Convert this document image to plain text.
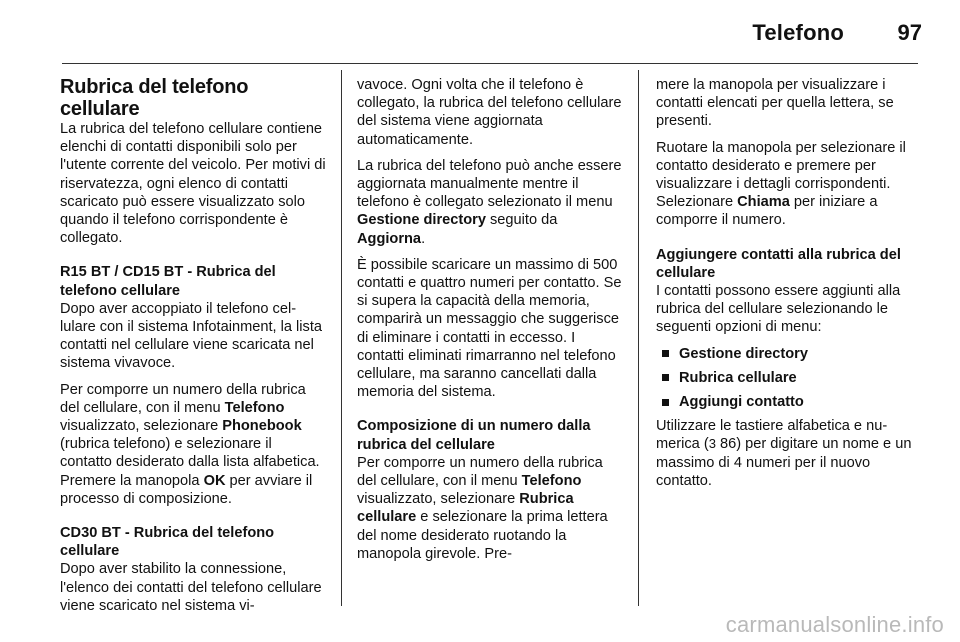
Telefono	97
Rubrica del telefono cellulare

La rubrica del telefono cellulare contiene elenchi di contatti disponibili solo per l'utente corrente del veicolo. Per motivi di riservatezza, ogni elenco di contatti scaricato può essere visualizzato solo quando il telefono corrispondente è collegato.

R15 BT / CD15 BT - Rubrica del telefono cellulare

Dopo aver accoppiato il telefono cellulare con il sistema Infotainment, la lista contatti nel cellulare viene scaricata nel sistema vivavoce.

Per comporre un numero della rubrica del cellulare, con il menu Telefono visualizzato, selezionare Phonebook (rubrica telefono) e selezionare il contatto desiderato dalla lista alfabetica. Premere la manopola OK per avviare il processo di composizione.

CD30 BT - Rubrica del telefono cellulare

Dopo aver stabilito la connessione, l'elenco dei contatti del telefono cellulare viene scaricato nel sistema vi-

vavoce. Ogni volta che il telefono è collegato, la rubrica del telefono cellulare del sistema viene aggiornata automaticamente.

La rubrica del telefono può anche essere aggiornata manualmente mentre il telefono è collegato selezionato il menu Gestione directory seguito da Aggiorna.

È possibile scaricare un massimo di 500 contatti e quattro numeri per contatto. Se si supera la capacità della memoria, comparirà un messaggio che suggerisce di eliminare i contatti in eccesso. I contatti eliminati rimarranno nel telefono cellulare, ma saranno cancellati dalla memoria del sistema.

Composizione di un numero dalla rubrica del cellulare

Per comporre un numero della rubrica del cellulare, con il menu Telefono visualizzato, selezionare Rubrica cellulare e selezionare la prima lettera del nome desiderato ruotando la manopola girevole. Pre-

mere la manopola per visualizzare i contatti elencati per quella lettera, se presenti.

Ruotare la manopola per selezionare il contatto desiderato e premere per visualizzare i dettagli corrispondenti. Selezionare Chiama per iniziare a comporre il numero.

Aggiungere contatti alla rubrica del cellulare

I contatti possono essere aggiunti alla rubrica del cellulare selezionando le seguenti opzioni di menu:

Gestione directory
Rubrica cellulare
Aggiungi contatto

Utilizzare le tastiere alfabetica e numerica (3 86) per digitare un nome e un massimo di 4 numeri per il nuovo contatto.

carmanualsonline.info
